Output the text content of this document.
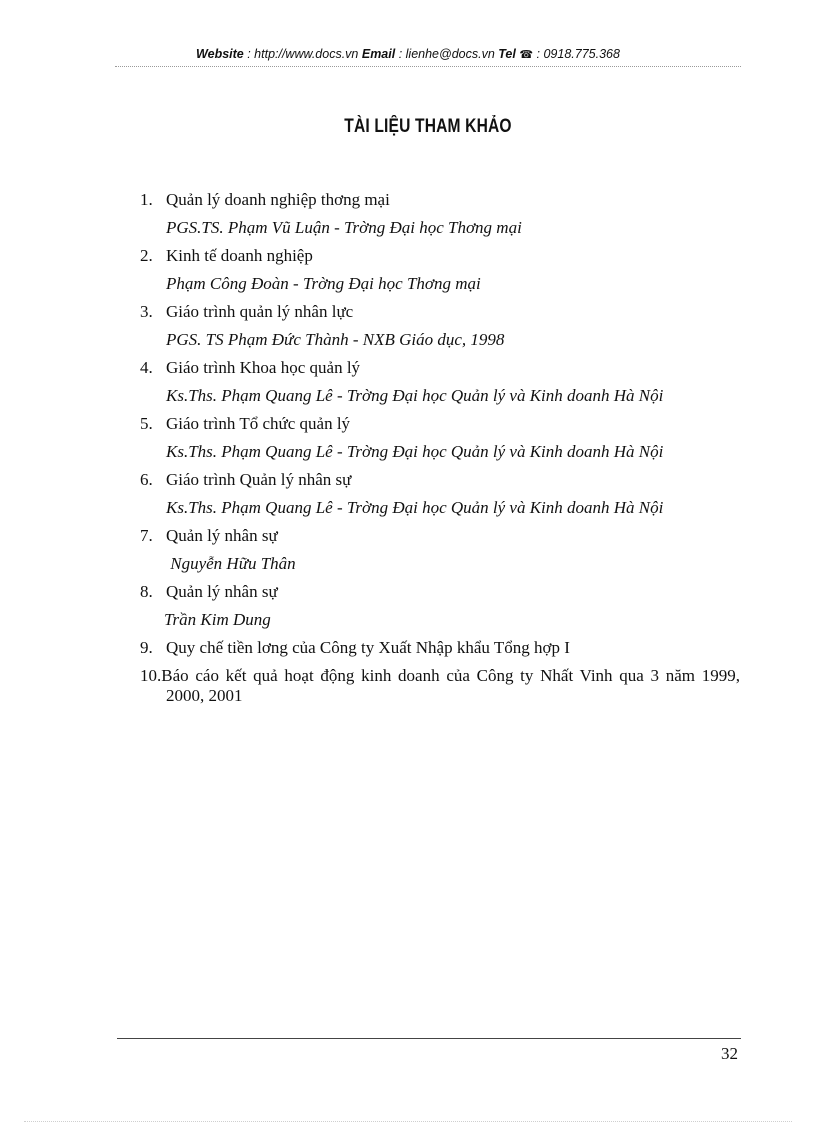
Website : http://www.docs.vn Email : lienhe@docs.vn Tel ☎ : 0918.775.368
TÀI LIỆU THAM KHẢO
1. Quản lý doanh nghiệp thơng mại
PGS.TS. Phạm Vũ Luận - Trờng Đại học Thơng mại
2. Kinh tế doanh nghiệp
Phạm Công Đoàn - Trờng Đại học Thơng mại
3. Giáo trình quản lý nhân lực
PGS. TS Phạm Đức Thành - NXB Giáo dục, 1998
4. Giáo trình Khoa học quản lý
Ks.Ths. Phạm Quang Lê - Trờng Đại học Quản lý và Kinh doanh Hà Nội
5. Giáo trình Tổ chức quản lý
Ks.Ths. Phạm Quang Lê - Trờng Đại học Quản lý và Kinh doanh Hà Nội
6. Giáo trình Quản lý nhân sự
Ks.Ths. Phạm Quang Lê - Trờng Đại học Quản lý và Kinh doanh Hà Nội
7. Quản lý nhân sự
Nguyễn Hữu Thân
8. Quản lý nhân sự
Trần Kim Dung
9. Quy chế tiền lơng của Công ty Xuất Nhập khẩu Tổng hợp I
10.Báo cáo kết quả hoạt động kinh doanh của Công ty Nhất Vinh qua 3 năm 1999, 2000, 2001
32
